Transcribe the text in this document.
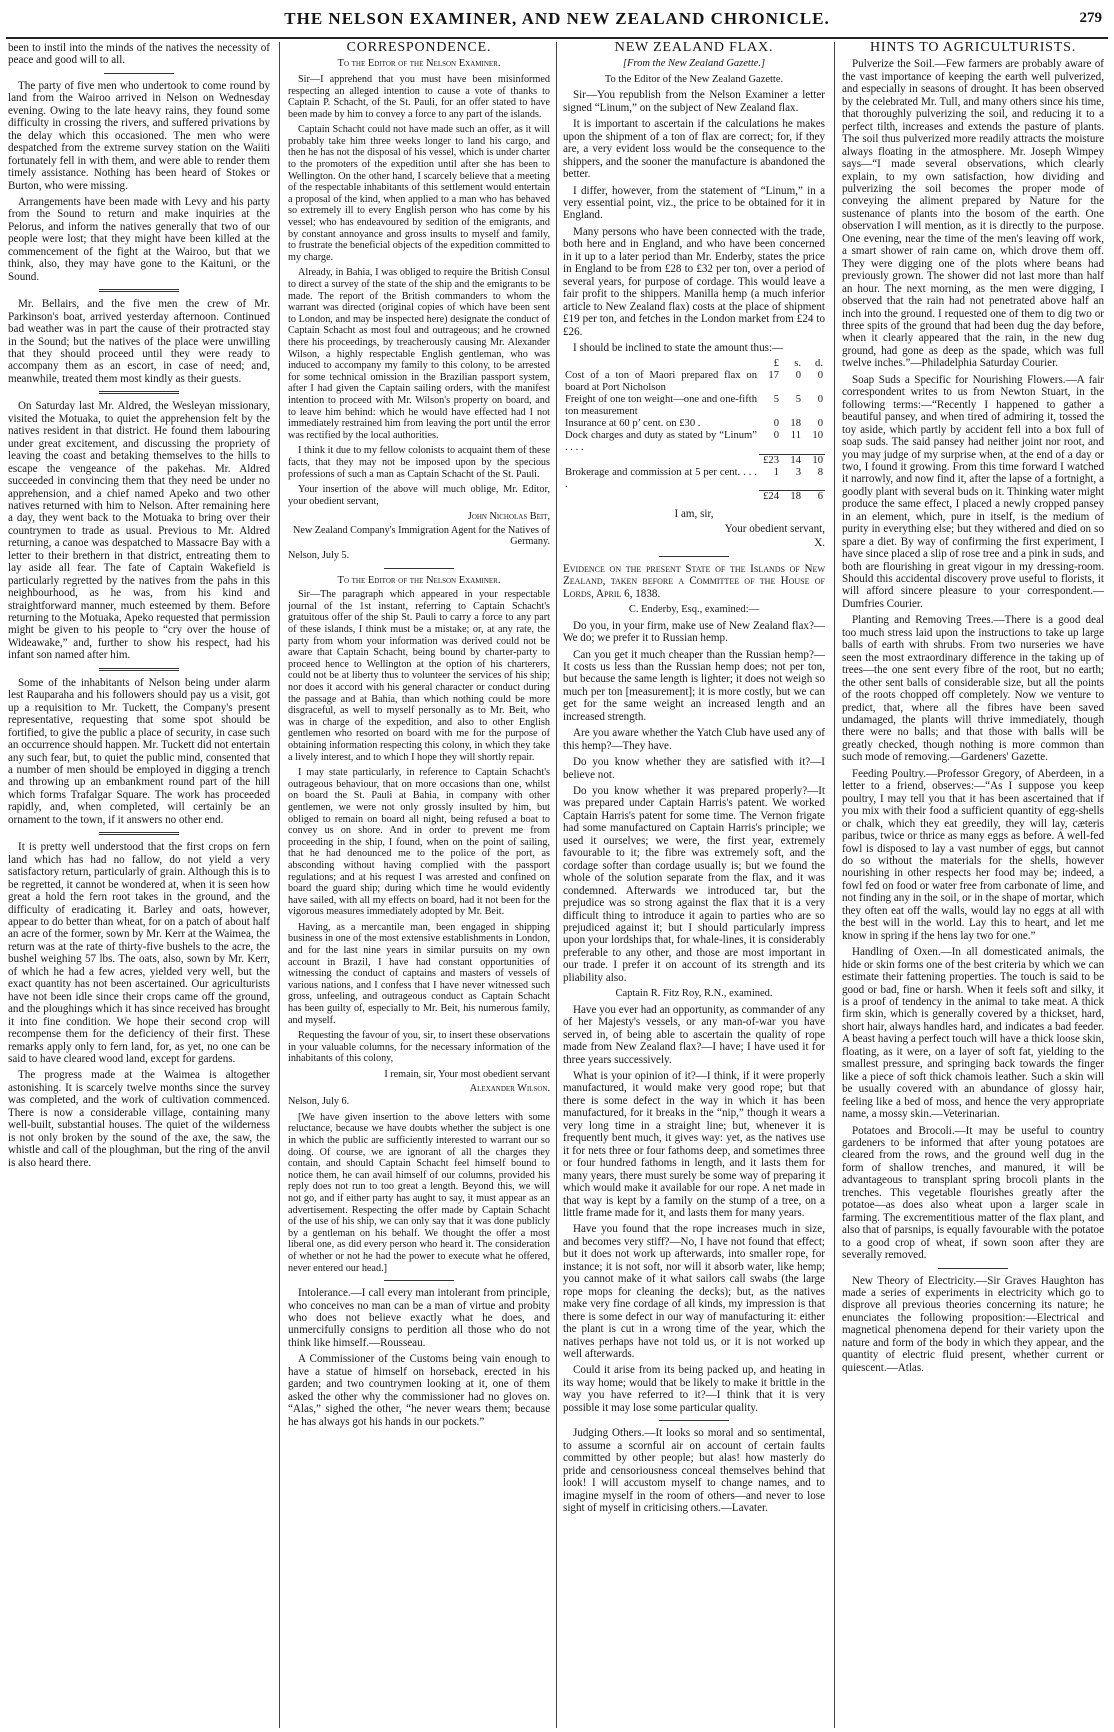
THE NELSON EXAMINER, AND NEW ZEALAND CHRONICLE.	279

been to instil into the minds of the natives the necessity of peace and good will to all.

The party of five men who undertook to come round by land from the Wairoo arrived in Nelson on Wednesday evening. Owing to the late heavy rains, they found some difficulty in crossing the rivers, and suffered privations by the delay which this occasioned. The men who were despatched from the extreme survey station on the Waiiti fortunately fell in with them, and were able to render them timely assistance. Nothing has been heard of Stokes or Burton, who were missing.

Arrangements have been made with Levy and his party from the Sound to return and make inquiries at the Pelorus, and inform the natives generally that two of our people were lost; that they might have been killed at the commencement of the fight at the Wairoo, but that we think, also, they may have gone to the Kaituni, or the Sound.

Mr. Bellairs, and the five men the crew of Mr. Parkinson's boat, arrived yesterday afternoon. Continued bad weather was in part the cause of their protracted stay in the Sound; but the natives of the place were unwilling that they should proceed until they were ready to accompany them as an escort, in case of need; and, meanwhile, treated them most kindly as their guests.

On Saturday last Mr. Aldred, the Wesleyan missionary, visited the Motuaka, to quiet the apprehension felt by the natives resident in that district. He found them labouring under great excitement, and discussing the propriety of leaving the coast and betaking themselves to the hills to escape the vengeance of the pakehas. Mr. Aldred succeeded in convincing them that they need be under no apprehension, and a chief named Apeko and two other natives returned with him to Nelson. After remaining here a day, they went back to the Motuaka to bring over their countrymen to trade as usual. Previous to Mr. Aldred returning, a canoe was despatched to Massacre Bay with a letter to their brethern in that district, entreating them to lay aside all fear. The fate of Captain Wakefield is particularly regretted by the natives from the pahs in this neighbourhood, as he was, from his kind and straightforward manner, much esteemed by them. Before returning to the Motuaka, Apeko requested that permission might be given to his people to “cry over the house of Wideawake,” and, further to show his respect, had his infant son named after him.

Some of the inhabitants of Nelson being under alarm lest Rauparaha and his followers should pay us a visit, got up a requisition to Mr. Tuckett, the Company's present representative, requesting that some spot should be fortified, to give the public a place of security, in case such an occurrence should happen. Mr. Tuckett did not entertain any such fear, but, to quiet the public mind, consented that a number of men should be employed in digging a trench and throwing up an embankment round part of the hill which forms Trafalgar Square. The work has proceeded rapidly, and, when completed, will certainly be an ornament to the town, if it answers no other end.

It is pretty well understood that the first crops on fern land which has had no fallow, do not yield a very satisfactory return, particularly of grain. Although this is to be regretted, it cannot be wondered at, when it is seen how great a hold the fern root takes in the ground, and the difficulty of eradicating it. Barley and oats, however, appear to do better than wheat, for on a patch of about half an acre of the former, sown by Mr. Kerr at the Waimea, the return was at the rate of thirty-five bushels to the acre, the bushel weighing 57 lbs. The oats, also, sown by Mr. Kerr, of which he had a few acres, yielded very well, but the exact quantity has not been ascertained. Our agriculturists have not been idle since their crops came off the ground, and the ploughings which it has since received has brought it into fine condition. We hope their second crop will recompense them for the deficiency of their first. These remarks apply only to fern land, for, as yet, no one can be said to have cleared wood land, except for gardens.

The progress made at the Waimea is altogether astonishing. It is scarcely twelve months since the survey was completed, and the work of cultivation commenced. There is now a considerable village, containing many well-built, substantial houses. The quiet of the wilderness is not only broken by the sound of the axe, the saw, the whistle and call of the ploughman, but the ring of the anvil is also heard there.

CORRESPONDENCE.
To the Editor of the Nelson Examiner.

Sir—I apprehend that you must have been misinformed respecting an alleged intention to cause a vote of thanks to Captain P. Schacht, of the St. Pauli, for an offer stated to have been made by him to convey a force to any part of the islands.

Captain Schacht could not have made such an offer, as it will probably take him three weeks longer to land his cargo, and then he has not the disposal of his vessel, which is under charter to the promoters of the expedition until after she has been to Wellington. On the other hand, I scarcely believe that a meeting of the respectable inhabitants of this settlement would entertain a proposal of the kind, when applied to a man who has behaved so extremely ill to every English person who has come by his vessel; who has endeavoured by sedition of the emigrants, and by constant annoyance and gross insults to myself and family, to frustrate the beneficial objects of the expedition committed to my charge.

Already, in Bahia, I was obliged to require the British Consul to direct a survey of the state of the ship and the emigrants to be made. The report of the British commanders to whom the warrant was directed (original copies of which have been sent to London, and may be inspected here) designate the conduct of Captain Schacht as most foul and outrageous; and he crowned there his proceedings, by treacherously causing Mr. Alexander Wilson, a highly respectable English gentleman, who was induced to accompany my family to this colony, to be arrested for some technical omission in the Brazilian passport system, after I had given the Captain sailing orders, with the manifest intention to proceed with Mr. Wilson's property on board, and to leave him behind: which he would have effected had I not immediately restrained him from leaving the port until the error was rectified by the local authorities.

I think it due to my fellow colonists to acquaint them of these facts, that they may not be imposed upon by the specious professions of such a man as Captain Schacht of the St. Pauli.

Your insertion of the above will much oblige, Mr. Editor, your obedient servant,

John Nicholas Beit,
New Zealand Company's Immigration Agent for the Natives of Germany.

Nelson, July 5.

To the Editor of the Nelson Examiner.

Sir—The paragraph which appeared in your respectable journal of the 1st instant, referring to Captain Schacht's gratuitous offer of the ship St. Pauli to carry a force to any part of these islands, I think must be a mistake; or, at any rate, the party from whom your information was derived could not be aware that Captain Schacht, being bound by charter-party to proceed hence to Wellington at the option of his charterers, could not be at liberty thus to volunteer the services of his ship; nor does it accord with his general character or conduct during the passage and at Bahia, than which nothing could be more disgraceful, as well to myself personally as to Mr. Beit, who was in charge of the expedition, and also to other English gentlemen who resorted on board with me for the purpose of obtaining information respecting this colony, in which they take a lively interest, and to which I hope they will shortly repair.

I may state particularly, in reference to Captain Schacht's outrageous behaviour, that on more occasions than one, whilst on board the St. Pauli at Bahia, in company with other gentlemen, we were not only grossly insulted by him, but obliged to remain on board all night, being refused a boat to convey us on shore. And in order to prevent me from proceeding in the ship, I found, when on the point of sailing, that he had denounced me to the police of the port, as absconding without having complied with the passport regulations; and at his request I was arrested and confined on board the guard ship; during which time he would evidently have sailed, with all my effects on board, had it not been for the vigorous measures immediately adopted by Mr. Beit.

Having, as a mercantile man, been engaged in shipping business in one of the most extensive establishments in London, and for the last nine years in similar pursuits on my own account in Brazil, I have had constant opportunities of witnessing the conduct of captains and masters of vessels of various nations, and I confess that I have never witnessed such gross, unfeeling, and outrageous conduct as Captain Schacht has been guilty of, especially to Mr. Beit, his numerous family, and myself.

Requesting the favour of you, sir, to insert these observations in your valuable columns, for the necessary information of the inhabitants of this colony,

I remain, sir, Your most obedient servant
Alexander Wilson.

Nelson, July 6.

[We have given insertion to the above letters with some reluctance, because we have doubts whether the subject is one in which the public are sufficiently interested to warrant our so doing. Of course, we are ignorant of all the charges they contain, and should Captain Schacht feel himself bound to notice them, he can avail himself of our columns, provided his reply does not run to too great a length. Beyond this, we will not go, and if either party has aught to say, it must appear as an advertisement. Respecting the offer made by Captain Schacht of the use of his ship, we can only say that it was done publicly by a gentleman on his behalf. We thought the offer a most liberal one, as did every person who heard it. The consideration of whether or not he had the power to execute what he offered, never entered our head.]

Intolerance.—I call every man intolerant from principle, who conceives no man can be a man of virtue and probity who does not believe exactly what he does, and unmercifully consigns to perdition all those who do not think like himself.—Rousseau.

A Commissioner of the Customs being vain enough to have a statue of himself on horseback, erected in his garden; and two countrymen looking at it, one of them asked the other why the commissioner had no gloves on. “Alas,” sighed the other, “he never wears them; because he has always got his hands in our pockets.”

NEW ZEALAND FLAX.
[From the New Zealand Gazette.]
To the Editor of the New Zealand Gazette.

Sir—You republish from the Nelson Examiner a letter signed “Linum,” on the subject of New Zealand flax.

It is important to ascertain if the calculations he makes upon the shipment of a ton of flax are correct; for, if they are, a very evident loss would be the consequence to the shippers, and the sooner the manufacture is abandoned the better.

I differ, however, from the statement of “Linum,” in a very essential point, viz., the price to be obtained for it in England.

Many persons who have been connected with the trade, both here and in England, and who have been concerned in it up to a later period than Mr. Enderby, states the price in England to be from £28 to £32 per ton, over a period of several years, for purpose of cordage. This would leave a fair profit to the shippers. Manilla hemp (a much inferior article to New Zealand flax) costs at the place of shipment £19 per ton, and fetches in the London market from £24 to £26.

I should be inclined to state the amount thus:—

	£	s.	d.
Cost of a ton of Maori prepared flax on board at Port Nicholson	17	0	0
Freight of one ton weight—one and one-fifth ton measurement	5	5	0
Insurance at 60 p’ cent. on £30 .	0	18	0
Dock charges and duty as stated by “Linum” . . . .	0	11	10
	£23	14	10
Brokerage and commission at 5 per cent. . . . .	1	3	8
	£24	18	6
I am, sir,
Your obedient servant,
X.

Evidence on the present State of the Islands of New Zealand, taken before a Committee of the House of Lords, April 6, 1838.

C. Enderby, Esq., examined:—

Do you, in your firm, make use of New Zealand flax?—We do; we prefer it to Russian hemp.

Can you get it much cheaper than the Russian hemp?—It costs us less than the Russian hemp does; not per ton, but because the same length is lighter; it does not weigh so much per ton [measurement]; it is more costly, but we can get for the same weight an increased length and an increased strength.

Are you aware whether the Yatch Club have used any of this hemp?—They have.

Do you know whether they are satisfied with it?—I believe not.

Do you know whether it was prepared properly?—It was prepared under Captain Harris's patent. We worked Captain Harris's patent for some time. The Vernon frigate had some manufactured on Captain Harris's principle; we used it ourselves; we were, the first year, extremely favourable to it; the fibre was extremely soft, and the cordage softer than cordage usually is; but we found the whole of the solution separate from the flax, and it was condemned. Afterwards we introduced tar, but the prejudice was so strong against the flax that it is a very difficult thing to introduce it again to parties who are so prejudiced against it; but I should particularly impress upon your lordships that, for whale-lines, it is considerably preferable to any other, and those are most important in our trade. I prefer it on account of its strength and its pliability also.

Captain R. Fitz Roy, R.N., examined.

Have you ever had an opportunity, as commander of any of her Majesty's vessels, or any man-of-war you have served in, of being able to ascertain the quality of rope made from New Zealand flax?—I have; I have used it for three years successively.

What is your opinion of it?—I think, if it were properly manufactured, it would make very good rope; but that there is some defect in the way in which it has been manufactured, for it breaks in the “nip,” though it wears a very long time in a straight line; but, whenever it is frequently bent much, it gives way: yet, as the natives use it for nets three or four fathoms deep, and sometimes three or four hundred fathoms in length, and it lasts them for many years, there must surely be some way of preparing it which would make it available for our rope. A net made in that way is kept by a family on the stump of a tree, on a little frame made for it, and lasts them for many years.

Have you found that the rope increases much in size, and becomes very stiff?—No, I have not found that effect; but it does not work up afterwards, into smaller rope, for instance; it is not soft, nor will it absorb water, like hemp; you cannot make of it what sailors call swabs (the large rope mops for cleaning the decks); but, as the natives make very fine cordage of all kinds, my impression is that there is some defect in our way of manufacturing it: either the plant is cut in a wrong time of the year, which the natives perhaps have not told us, or it is not worked up well afterwards.

Could it arise from its being packed up, and heating in its way home; would that be likely to make it brittle in the way you have referred to it?—I think that it is very possible it may lose some particular quality.

Judging Others.—It looks so moral and so sentimental, to assume a scornful air on account of certain faults committed by other people; but alas! how masterly do pride and censoriousness conceal themselves behind that look! I will accustom myself to change names, and to imagine myself in the room of others—and never to lose sight of myself in criticising others.—Lavater.

HINTS TO AGRICULTURISTS.

Pulverize the Soil.—Few farmers are probably aware of the vast importance of keeping the earth well pulverized, and especially in seasons of drought. It has been observed by the celebrated Mr. Tull, and many others since his time, that thoroughly pulverizing the soil, and reducing it to a perfect tilth, increases and extends the pasture of plants. The soil thus pulverized more readily attracts the moisture always floating in the atmosphere. Mr. Joseph Wimpey says—“I made several observations, which clearly explain, to my own satisfaction, how dividing and pulverizing the soil becomes the proper mode of conveying the aliment prepared by Nature for the sustenance of plants into the bosom of the earth. One observation I will mention, as it is directly to the purpose. One evening, near the time of the men's leaving off work, a smart shower of rain came on, which drove them off. They were digging one of the plots where beans had previously grown. The shower did not last more than half an hour. The next morning, as the men were digging, I observed that the rain had not penetrated above half an inch into the ground. I requested one of them to dig two or three spits of the ground that had been dug the day before, when it clearly appeared that the rain, in the new dug ground, had gone as deep as the spade, which was full twelve inches.”—Philadelphia Saturday Courier.

Soap Suds a Specific for Nourishing Flowers.—A fair correspondent writes to us from Newton Stuart, in the following terms:—“Recently I happened to gather a beautiful pansey, and when tired of admiring it, tossed the toy aside, which partly by accident fell into a box full of soap suds. The said pansey had neither joint nor root, and you may judge of my surprise when, at the end of a day or two, I found it growing. From this time forward I watched it narrowly, and now find it, after the lapse of a fortnight, a goodly plant with several buds on it. Thinking water might produce the same effect, I placed a newly cropped pansey in an element, which, pure in itself, is the medium of purity in everything else; but they withered and died on so spare a diet. By way of confirming the first experiment, I have since placed a slip of rose tree and a pink in suds, and both are flourishing in great vigour in my dressing-room. Should this accidental discovery prove useful to florists, it will afford sincere pleasure to your correspondent.—Dumfries Courier.

Planting and Removing Trees.—There is a good deal too much stress laid upon the instructions to take up large balls of earth with shrubs. From two nurseries we have seen the most extraordinary difference in the taking up of trees—the one sent every fibre of the root, but no earth; the other sent balls of considerable size, but all the points of the roots chopped off completely. Now we venture to predict, that, where all the fibres have been saved undamaged, the plants will thrive immediately, though there were no balls; and that those with balls will be greatly checked, though nothing is more common than such mode of removing.—Gardeners' Gazette.

Feeding Poultry.—Professor Gregory, of Aberdeen, in a letter to a friend, observes:—“As I suppose you keep poultry, I may tell you that it has been ascertained that if you mix with their food a sufficient quantity of egg-shells or chalk, which they eat greedily, they will lay, cæteris paribus, twice or thrice as many eggs as before. A well-fed fowl is disposed to lay a vast number of eggs, but cannot do so without the materials for the shells, however nourishing in other respects her food may be; indeed, a fowl fed on food or water free from carbonate of lime, and not finding any in the soil, or in the shape of mortar, which they often eat off the walls, would lay no eggs at all with the best will in the world. Lay this to heart, and let me know in spring if the hens lay two for one.”

Handling of Oxen.—In all domesticated animals, the hide or skin forms one of the best criteria by which we can estimate their fattening properties. The touch is said to be good or bad, fine or harsh. When it feels soft and silky, it is a proof of tendency in the animal to take meat. A thick firm skin, which is generally covered by a thickset, hard, short hair, always handles hard, and indicates a bad feeder. A beast having a perfect touch will have a thick loose skin, floating, as it were, on a layer of soft fat, yielding to the smallest pressure, and springing back towards the finger like a piece of soft thick chamois leather. Such a skin will be usually covered with an abundance of glossy hair, feeling like a bed of moss, and hence the very appropriate name, a mossy skin.—Veterinarian.

Potatoes and Brocoli.—It may be useful to country gardeners to be informed that after young potatoes are cleared from the rows, and the ground well dug in the form of shallow trenches, and manured, it will be advantageous to transplant spring brocoli plants in the trenches. This vegetable flourishes greatly after the potatoe—as does also wheat upon a larger scale in farming. The excrementitious matter of the flax plant, and also that of parsnips, is equally favourable with the potatoe to a good crop of wheat, if sown soon after they are severally removed.

New Theory of Electricity.—Sir Graves Haughton has made a series of experiments in electricity which go to disprove all previous theories concerning its nature; he enunciates the following proposition:—Electrical and magnetical phenomena depend for their variety upon the nature and form of the body in which they appear, and the quantity of electric fluid present, whether current or quiescent.—Atlas.
